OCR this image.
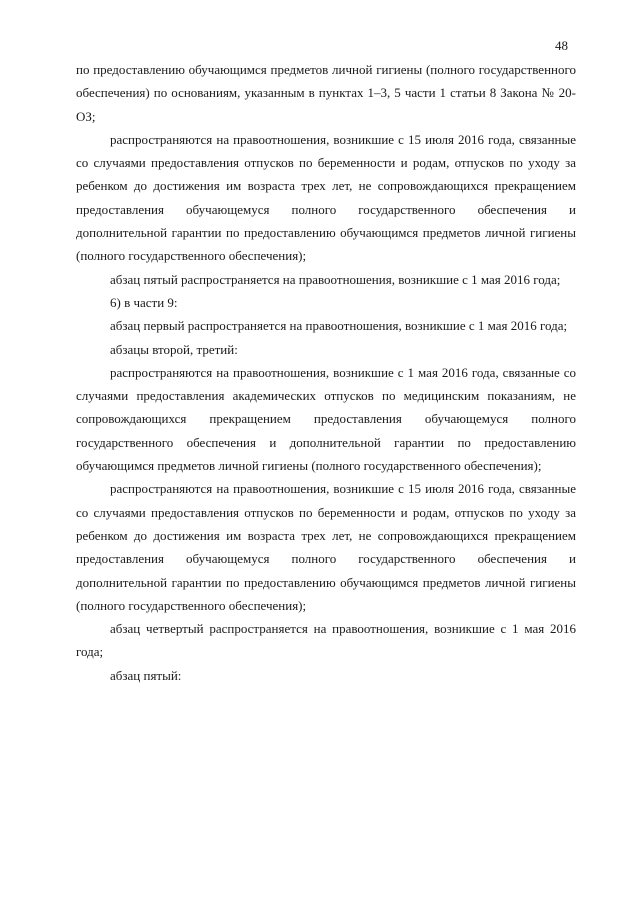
48

по предоставлению обучающимся предметов личной гигиены (полного государственного обеспечения) по основаниям, указанным в пунктах 1–3, 5 части 1 статьи 8 Закона № 20-ОЗ;

распространяются на правоотношения, возникшие с 15 июля 2016 года, связанные со случаями предоставления отпусков по беременности и родам, отпусков по уходу за ребенком до достижения им возраста трех лет, не сопровождающихся прекращением предоставления обучающемуся полного государственного обеспечения и дополнительной гарантии по предоставлению обучающимся предметов личной гигиены (полного государственного обеспечения);

абзац пятый распространяется на правоотношения, возникшие с 1 мая 2016 года;

6) в части 9:

абзац первый распространяется на правоотношения, возникшие с 1 мая 2016 года;

абзацы второй, третий:

распространяются на правоотношения, возникшие с 1 мая 2016 года, связанные со случаями предоставления академических отпусков по медицинским показаниям, не сопровождающихся прекращением предоставления обучающемуся полного государственного обеспечения и дополнительной гарантии по предоставлению обучающимся предметов личной гигиены (полного государственного обеспечения);

распространяются на правоотношения, возникшие с 15 июля 2016 года, связанные со случаями предоставления отпусков по беременности и родам, отпусков по уходу за ребенком до достижения им возраста трех лет, не сопровождающихся прекращением предоставления обучающемуся полного государственного обеспечения и дополнительной гарантии по предоставлению обучающимся предметов личной гигиены (полного государственного обеспечения);

абзац четвертый распространяется на правоотношения, возникшие с 1 мая 2016 года;

абзац пятый:
